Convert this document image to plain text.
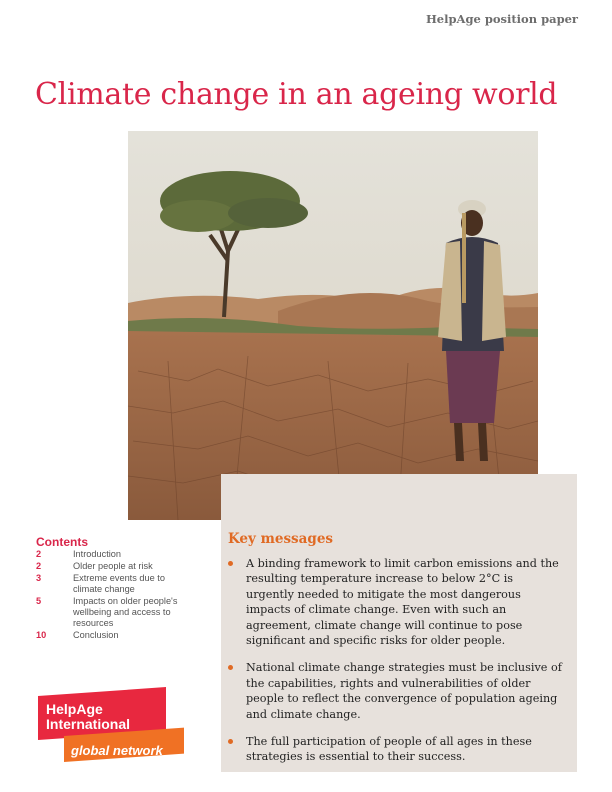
HelpAge position paper
Climate change in an ageing world
Key messages
A binding framework to limit carbon emissions and the resulting temperature increase to below 2°C is urgently needed to mitigate the most dangerous impacts of climate change. Even with such an agreement, climate change will continue to pose significant and specific risks for older people.
National climate change strategies must be inclusive of the capabilities, rights and vulnerabilities of older people to reflect the convergence of population ageing and climate change.
The full participation of people of all ages in these strategies is essential to their success.
Contents
2	Introduction
2	Older people at risk
3	Extreme events due to
climate change
5	Impacts on older people's
wellbeing and access to
resources
10	Conclusion
HelpAge
International
global network
